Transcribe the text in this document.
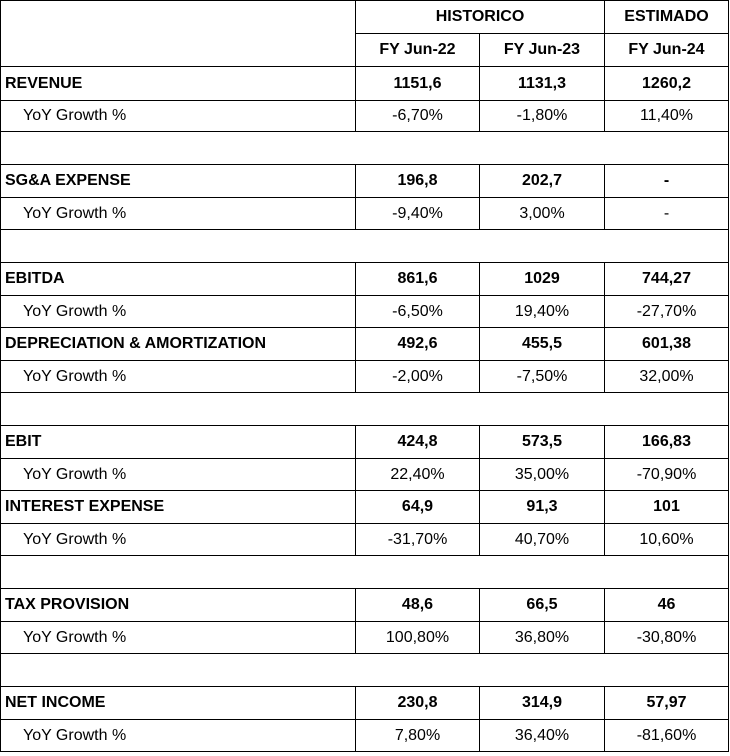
	HISTORICO		ESTIMADO
	FY Jun-22	FY Jun-23	FY Jun-24
REVENUE	1151,6	1131,3	1260,2
YoY Growth %	-6,70%	-1,80%	11,40%

SG&A EXPENSE	196,8	202,7	-
YoY Growth %	-9,40%	3,00%	-

EBITDA	861,6	1029	744,27
YoY Growth %	-6,50%	19,40%	-27,70%
DEPRECIATION & AMORTIZATION	492,6	455,5	601,38
YoY Growth %	-2,00%	-7,50%	32,00%

EBIT	424,8	573,5	166,83
YoY Growth %	22,40%	35,00%	-70,90%
INTEREST EXPENSE	64,9	91,3	101
YoY Growth %	-31,70%	40,70%	10,60%

TAX PROVISION	48,6	66,5	46
YoY Growth %	100,80%	36,80%	-30,80%

NET INCOME	230,8	314,9	57,97
YoY Growth %	7,80%	36,40%	-81,60%
